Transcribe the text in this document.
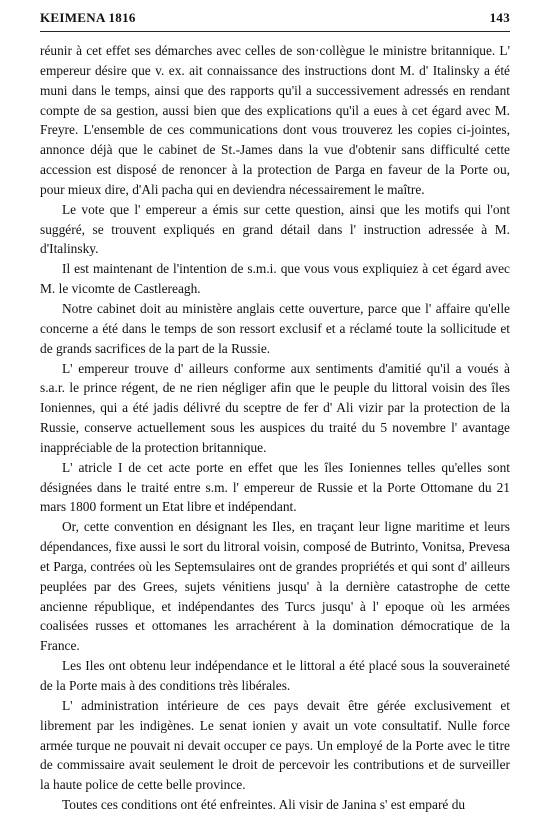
KEIMENA 1816	143

réunir à cet effet ses démarches avec celles de son·collègue le ministre britannique. L' empereur désire que v. ex. ait connaissance des instructions dont M. d' Italinsky a été muni dans le temps, ainsi que des rapports qu'il a successivement adressés en rendant compte de sa gestion, aussi bien que des explications qu'il a eues à cet égard avec M. Freyre. L'ensemble de ces communications dont vous trouverez les copies ci-jointes, annonce déjà que le cabinet de St.-James dans la vue d'obtenir sans difficulté cette accession est disposé de renoncer à la protection de Parga en faveur de la Porte ou, pour mieux dire, d'Ali pacha qui en deviendra nécessairement le maître.

Le vote que l' empereur a émis sur cette question, ainsi que les motifs qui l'ont suggéré, se trouvent expliqués en grand détail dans l' instruction adressée à M. d'Italinsky.

Il est maintenant de l'intention de s.m.i. que vous vous expliquiez à cet égard avec M. le vicomte de Castlereagh.

Notre cabinet doit au ministère anglais cette ouverture, parce que l' affaire qu'elle concerne a été dans le temps de son ressort exclusif et a réclamé toute la sollicitude et de grands sacrifices de la part de la Russie.

L' empereur trouve d' ailleurs conforme aux sentiments d'amitié qu'il a voués à s.a.r. le prince régent, de ne rien négliger afin que le peuple du littoral voisin des îles Ioniennes, qui a été jadis délivré du sceptre de fer d' Ali vizir par la protection de la Russie, conserve actuellement sous les auspices du traité du 5 novembre l' avantage inappréciable de la protection britannique.

L' atricle I de cet acte porte en effet que les îles Ioniennes telles qu'elles sont désignées dans le traité entre s.m. l' empereur de Russie et la Porte Ottomane du 21 mars 1800 forment un Etat libre et indépendant.

Or, cette convention en désignant les Iles, en traçant leur ligne maritime et leurs dépendances, fixe aussi le sort du litroral voisin, composé de Butrinto, Vonitsa, Prevesa et Parga, contrées où les Septemsulaires ont de grandes propriétés et qui sont d' ailleurs peuplées par des Grees, sujets vénitiens jusqu' à la dernière catastrophe de cette ancienne république, et indépendantes des Turcs jusqu' à l' epoque où les armées coalisées russes et ottomanes les arrachérent à la domination démocratique de la France.

Les Iles ont obtenu leur indépendance et le littoral a été placé sous la souveraineté de la Porte mais à des conditions très libérales.

L' administration intérieure de ces pays devait être gérée exclusivement et librement par les indigènes. Le senat ionien y avait un vote consultatif. Nulle force armée turque ne pouvait ni devait occuper ce pays. Un employé de la Porte avec le titre de commissaire avait seulement le droit de percevoir les contributions et de surveiller la haute police de cette belle province.

Toutes ces conditions ont été enfreintes. Ali visir de Janina s' est emparé du
